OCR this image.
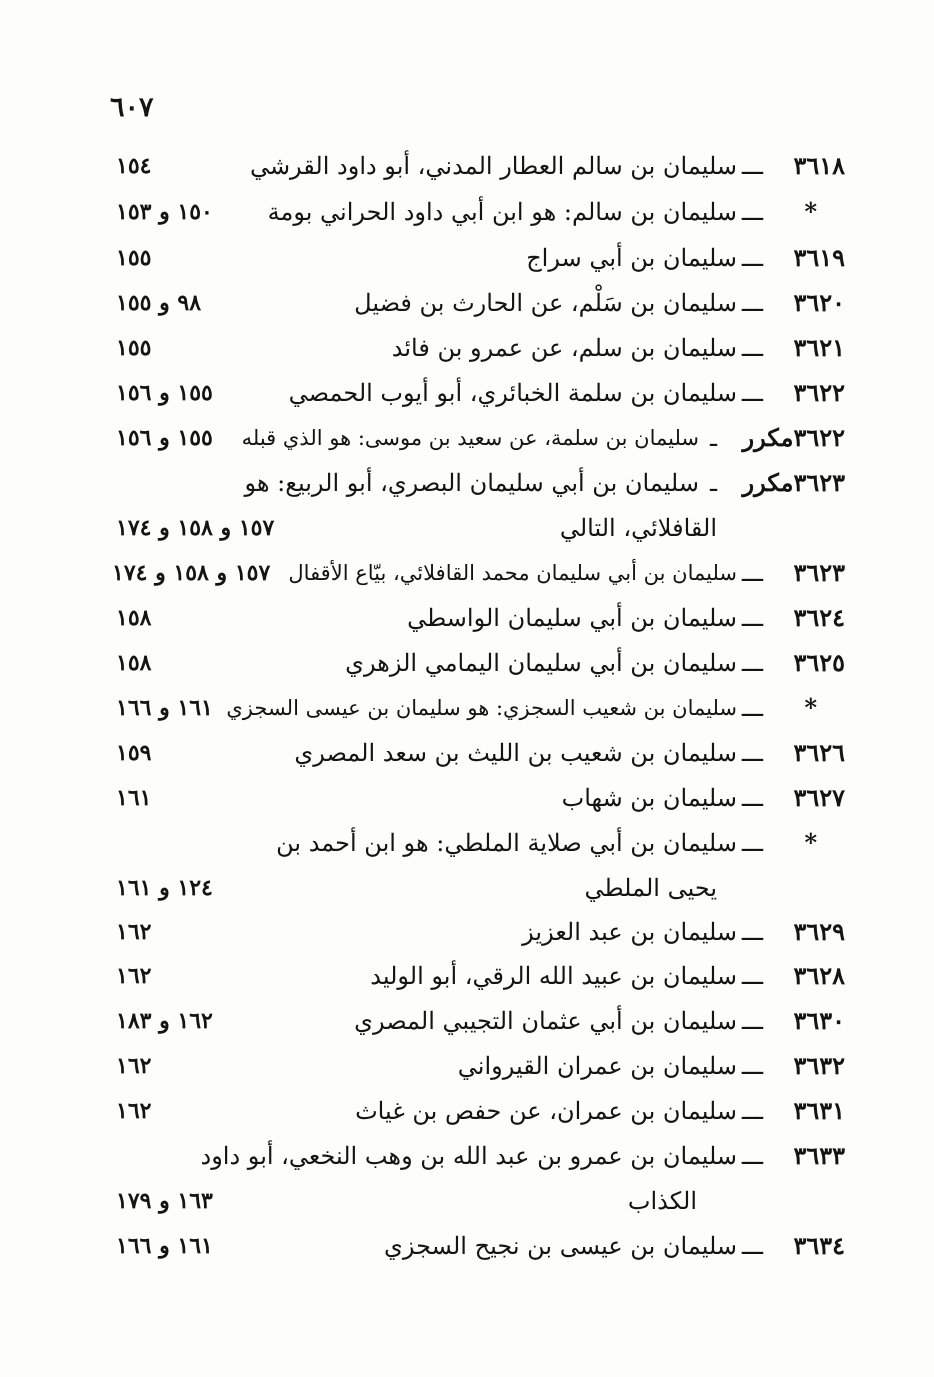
٦٠٧
٣٦١٨
ـــ
سليمان بن سالم العطار المدني، أبو داود القرشي
١٥٤
*
ـــ
سليمان بن سالم: هو ابن أبي داود الحراني بومة
١٥٠ و ١٥٣
٣٦١٩
ـــ
سليمان بن أبي سراج
١٥٥
٣٦٢٠
ـــ
سليمان بن سَلْم، عن الحارث بن فضيل
٩٨ و ١٥٥
٣٦٢١
ـــ
سليمان بن سلم، عن عمرو بن فائد
١٥٥
٣٦٢٢
ـــ
سليمان بن سلمة الخبائري، أبو أيوب الحمصي
١٥٥ و ١٥٦
٣٦٢٢مكرر
ـ
سليمان بن سلمة، عن سعيد بن موسى: هو الذي قبله
١٥٥ و ١٥٦
٣٦٢٣مكرر
ـ
سليمان بن أبي سليمان البصري، أبو الربيع: هو
القافلائي، التالي
١٥٧ و ١٥٨ و ١٧٤
٣٦٢٣
ـــ
سليمان بن أبي سليمان محمد القافلائي، بيّاع الأقفال
١٥٧ و ١٥٨ و ١٧٤
٣٦٢٤
ـــ
سليمان بن أبي سليمان الواسطي
١٥٨
٣٦٢٥
ـــ
سليمان بن أبي سليمان اليمامي الزهري
١٥٨
*
ـــ
سليمان بن شعيب السجزي: هو سليمان بن عيسى السجزي
١٦١ و ١٦٦
٣٦٢٦
ـــ
سليمان بن شعيب بن الليث بن سعد المصري
١٥٩
٣٦٢٧
ـــ
سليمان بن شهاب
١٦١
*
ـــ
سليمان بن أبي صلاية الملطي: هو ابن أحمد بن
يحيى الملطي
١٢٤ و ١٦١
٣٦٢٩
ـــ
سليمان بن عبد العزيز
١٦٢
٣٦٢٨
ـــ
سليمان بن عبيد الله الرقي، أبو الوليد
١٦٢
٣٦٣٠
ـــ
سليمان بن أبي عثمان التجيبي المصري
١٦٢ و ١٨٣
٣٦٣٢
ـــ
سليمان بن عمران القيرواني
١٦٢
٣٦٣١
ـــ
سليمان بن عمران، عن حفص بن غياث
١٦٢
٣٦٣٣
ـــ
سليمان بن عمرو بن عبد الله بن وهب النخعي، أبو داود
الكذاب
١٦٣ و ١٧٩
٣٦٣٤
ـــ
سليمان بن عيسى بن نجيح السجزي
١٦١ و ١٦٦
